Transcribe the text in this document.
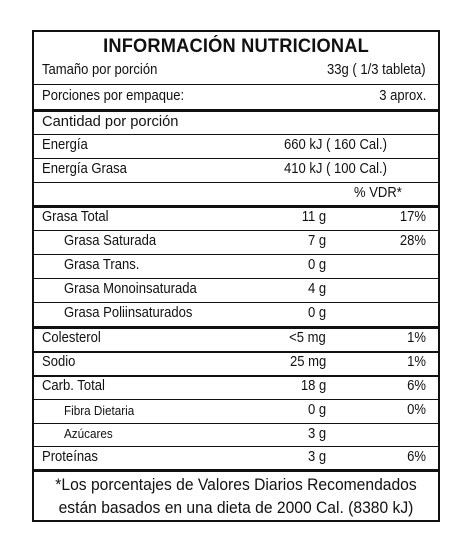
INFORMACIÓN NUTRICIONAL
Tamaño por porción	33g ( 1/3 tableta)
Porciones por empaque:	3 aprox.
Cantidad por porción
Energía	660 kJ ( 160 Cal.)
Energía Grasa	410 kJ ( 100 Cal.)
% VDR*
Grasa Total	11 g	17%
Grasa Saturada	7 g	28%
Grasa Trans.	0 g
Grasa Monoinsaturada	4 g
Grasa Poliinsaturados	0 g
Colesterol	<5 mg	1%
Sodio	25 mg	1%
Carb. Total	18 g	6%
Fibra Dietaria	0 g	0%
Azúcares	3 g
Proteínas	3 g	6%
*Los porcentajes de Valores Diarios Recomendados
están basados en una dieta de 2000 Cal. (8380 kJ)
